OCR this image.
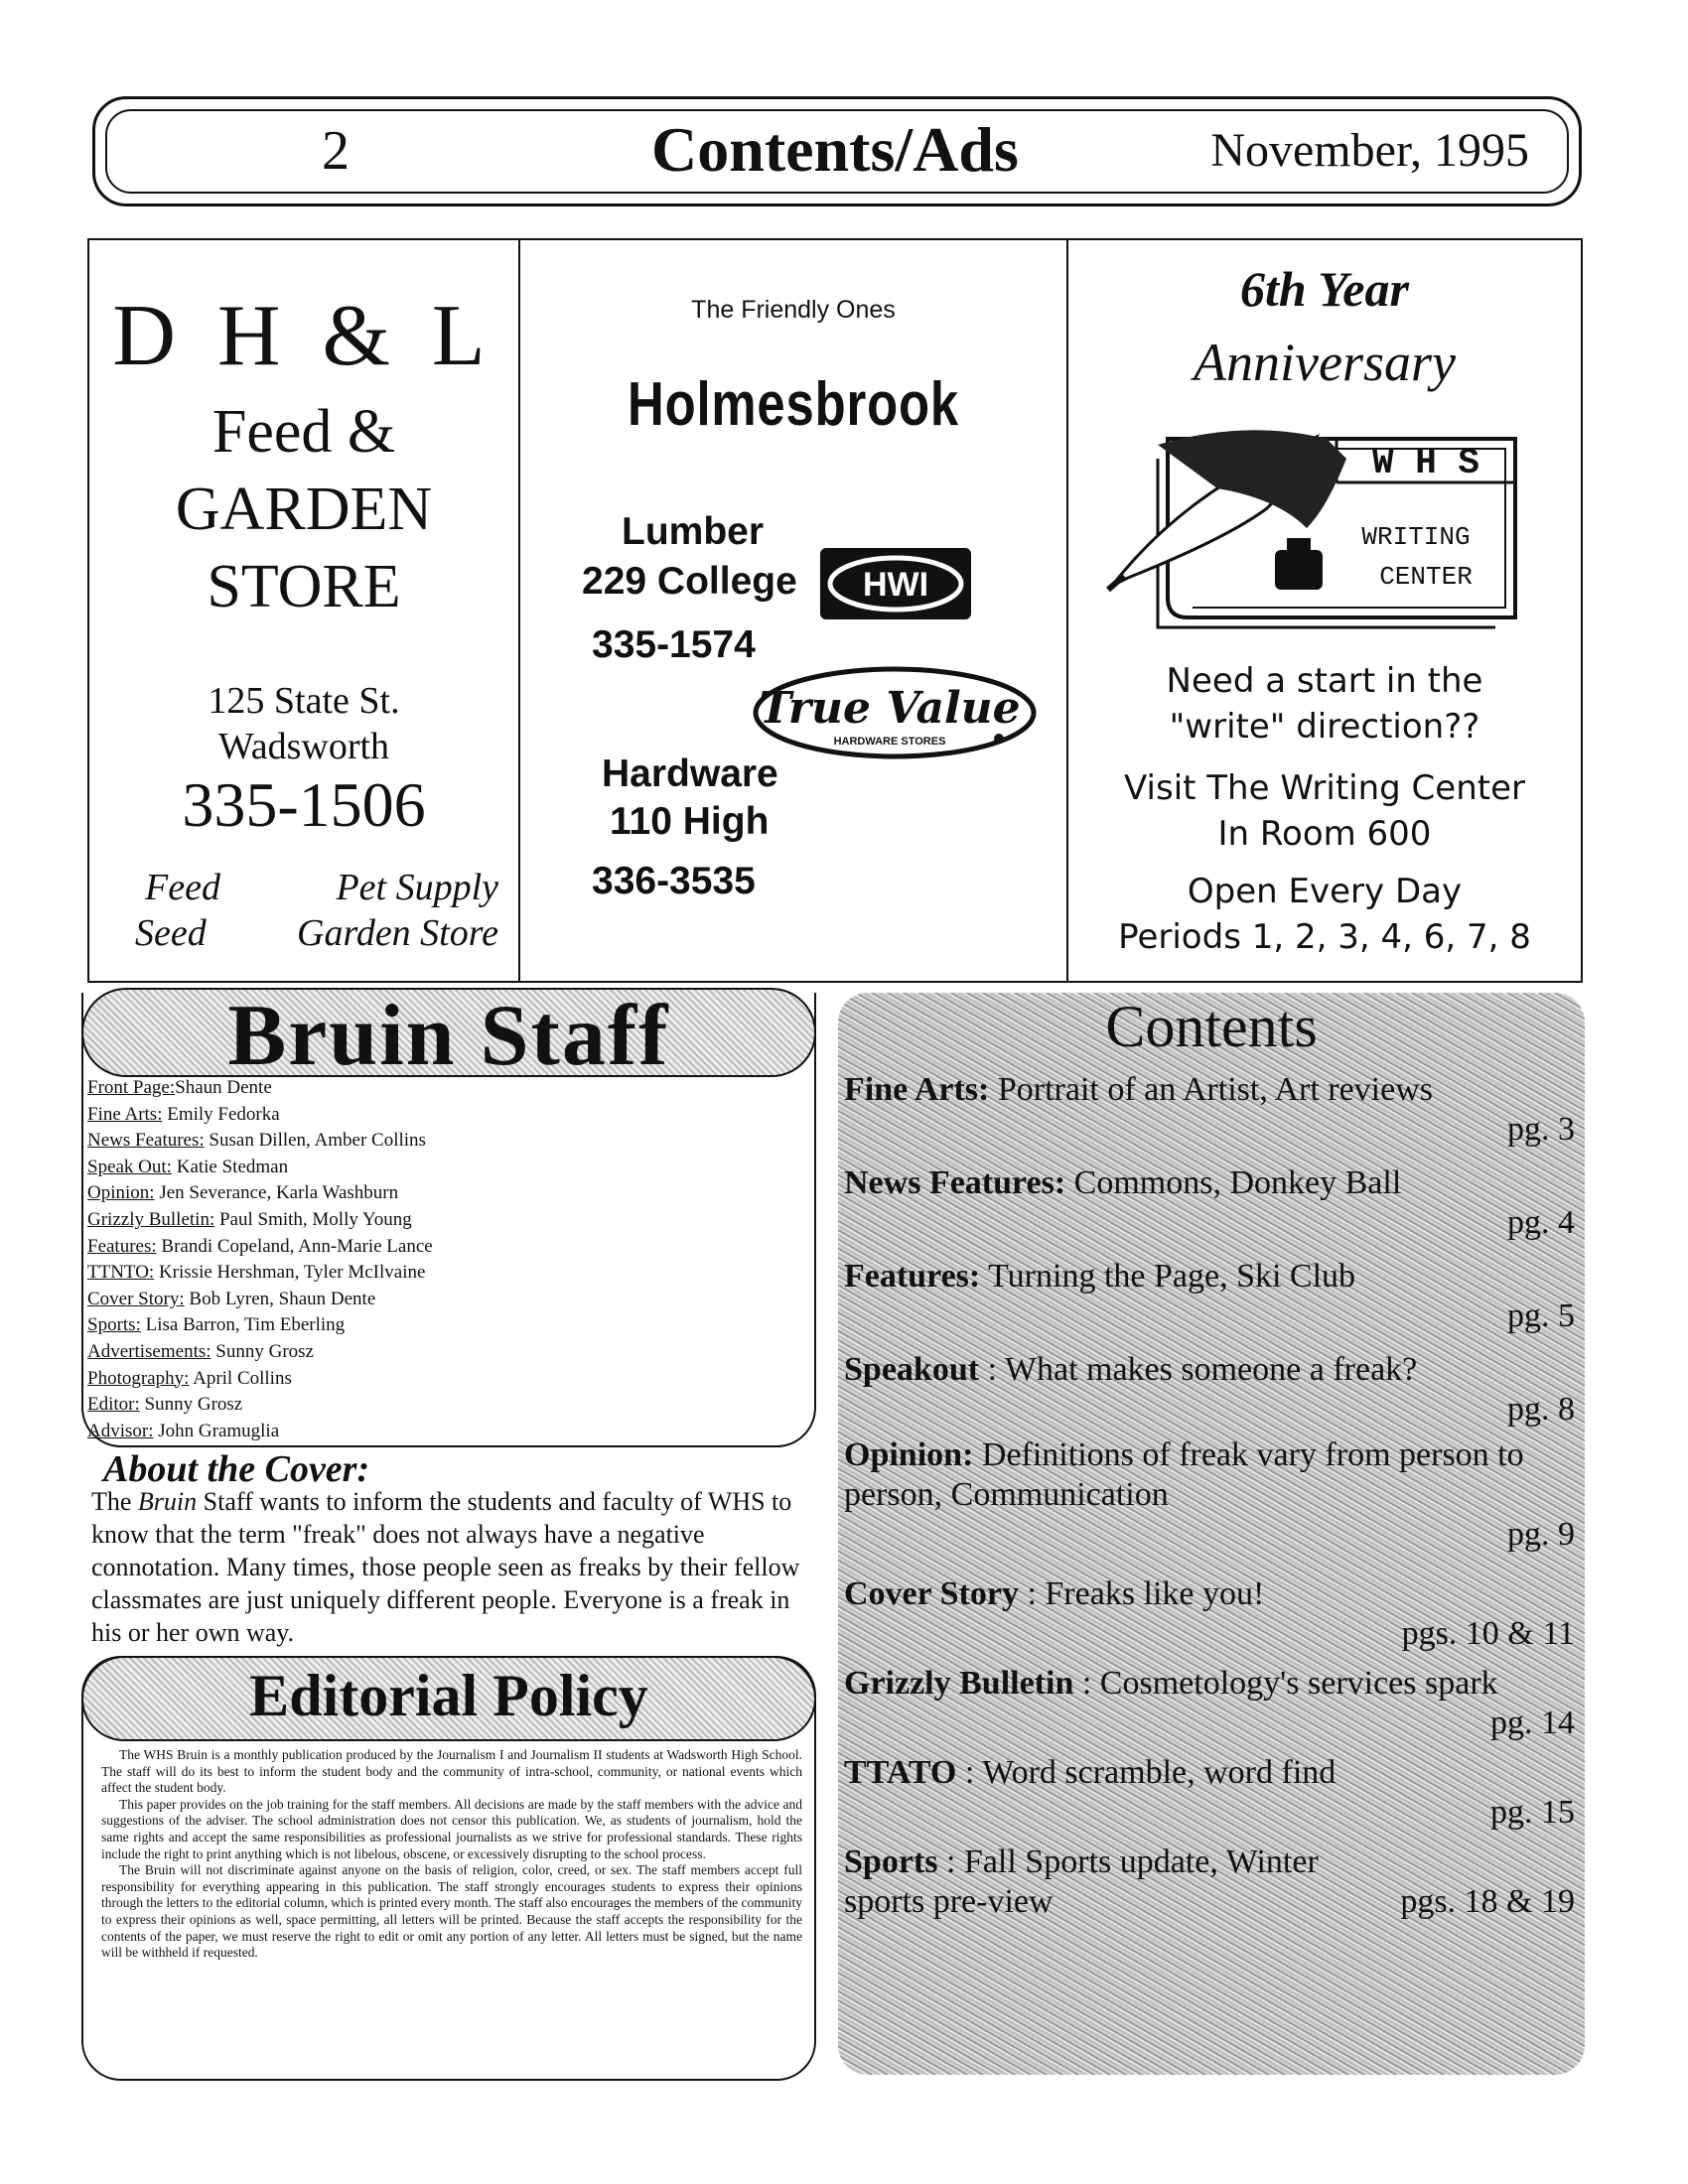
2	Contents/Ads	November, 1995
D H & L
Feed &
GARDEN
STORE
125 State St.
Wadsworth
335-1506
Feed	Pet Supply
Seed Garden Store
The Friendly Ones
Holmesbrook
Lumber
229 College HWI
335-1574
True Value
HARDWARE STORES
Hardware
110 High
336-3535
6th Year
Anniversary
W H S
WRITING
CENTER
Need a start in the
"write" direction??
Visit The Writing Center
In Room 600
Open Every Day
Periods 1, 2, 3, 4, 6, 7, 8
Bruin Staff
Front Page:Shaun Dente
Fine Arts: Emily Fedorka
News Features: Susan Dillen, Amber Collins
Speak Out: Katie Stedman
Opinion: Jen Severance, Karla Washburn
Grizzly Bulletin: Paul Smith, Molly Young
Features: Brandi Copeland, Ann-Marie Lance
TTNTO: Krissie Hershman, Tyler McIlvaine
Cover Story: Bob Lyren, Shaun Dente
Sports: Lisa Barron, Tim Eberling
Advertisements: Sunny Grosz
Photography: April Collins
Editor: Sunny Grosz
Advisor: John Gramuglia
About the Cover:
The Bruin Staff wants to inform the students and faculty of WHS to know that the term "freak" does not always have a negative connotation. Many times, those people seen as freaks by their fellow classmates are just uniquely different people. Everyone is a freak in his or her own way.
Editorial Policy

The WHS Bruin is a monthly publication produced by the Journalism I and Journalism II students at Wadsworth High School. The staff will do its best to inform the student body and the community of intra-school, community, or national events which affect the student body.

This paper provides on the job training for the staff members. All decisions are made by the staff members with the advice and suggestions of the adviser. The school administration does not censor this publication. We, as students of journalism, hold the same rights and accept the same responsibilities as professional journalists as we strive for professional standards. These rights include the right to print anything which is not libelous, obscene, or excessively disrupting to the school process.

The Bruin will not discriminate against anyone on the basis of religion, color, creed, or sex. The staff members accept full responsibility for everything appearing in this publication. The staff strongly encourages students to express their opinions through the letters to the editorial column, which is printed every month. The staff also encourages the members of the community to express their opinions as well, space permitting, all letters will be printed. Because the staff accepts the responsibility for the contents of the paper, we must reserve the right to edit or omit any portion of any letter. All letters must be signed, but the name will be withheld if requested.

Contents
Fine Arts: Portrait of an Artist, Art reviews
pg. 3
News Features: Commons, Donkey Ball
pg. 4
Features: Turning the Page, Ski Club
pg. 5
Speakout : What makes someone a freak?
pg. 8
Opinion: Definitions of freak vary from person to person, Communication
pg. 9
Cover Story : Freaks like you!
pgs. 10 & 11
Grizzly Bulletin : Cosmetology's services spark
pg. 14
TTATO : Word scramble, word find
pg. 15
Sports : Fall Sports update, Winter sports pre-view	pgs. 18 & 19
